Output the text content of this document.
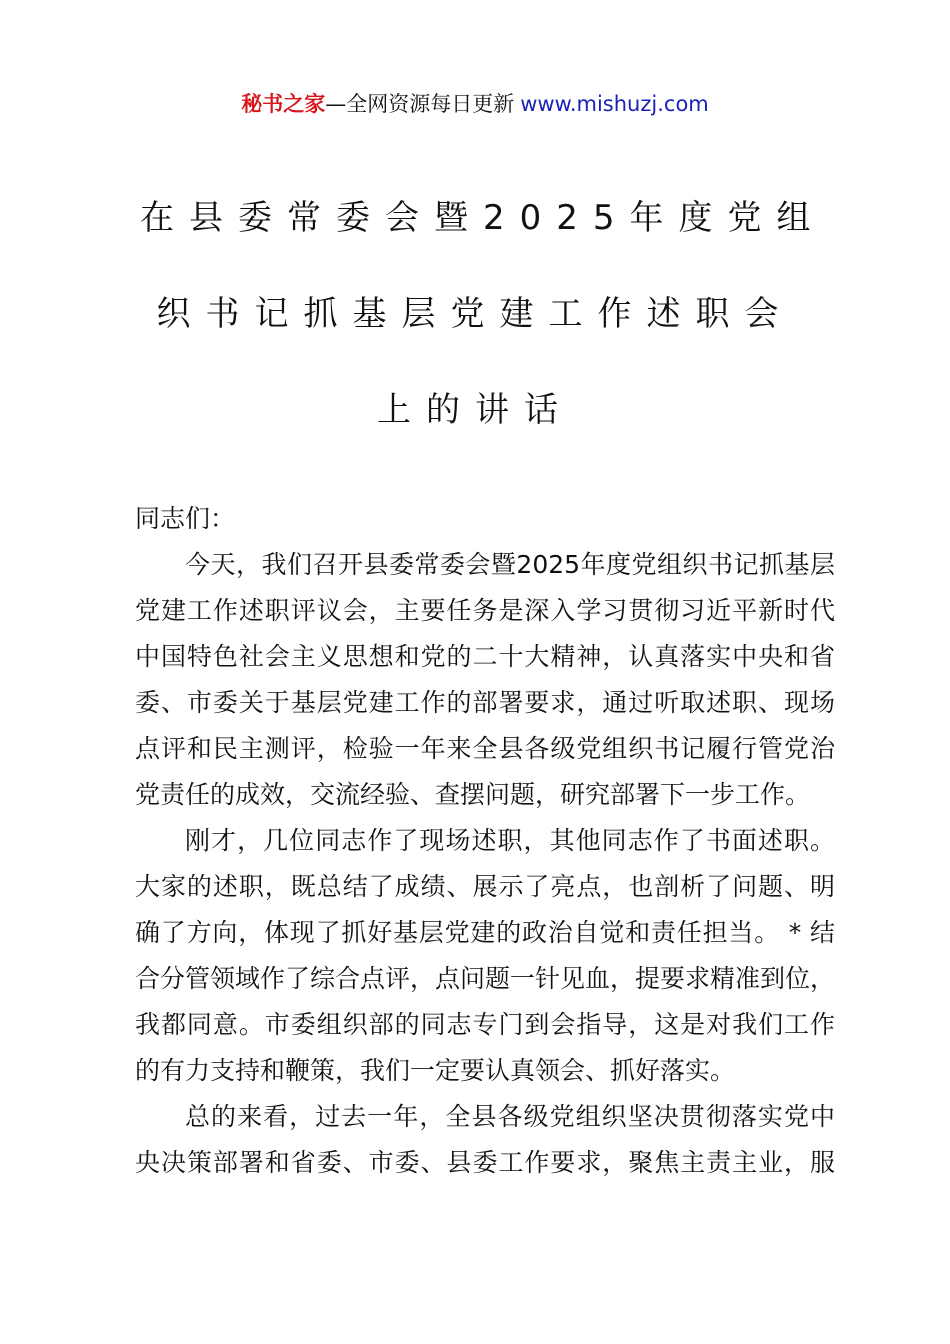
秘书之家—全网资源每日更新 www.mishuzj.com
在县委常委会暨2025年度党组
织书记抓基层党建工作述职会
上的讲话
同志们：
今天，我们召开县委常委会暨2025年度党组织书记抓基层
党建工作述职评议会，主要任务是深入学习贯彻习近平新时代
中国特色社会主义思想和党的二十大精神，认真落实中央和省
委、市委关于基层党建工作的部署要求，通过听取述职、现场
点评和民主测评，检验一年来全县各级党组织书记履行管党治
党责任的成效，交流经验、查摆问题，研究部署下一步工作。
刚才，几位同志作了现场述职，其他同志作了书面述职。
大家的述职，既总结了成绩、展示了亮点，也剖析了问题、明
确了方向，体现了抓好基层党建的政治自觉和责任担当。 * 结
合分管领域作了综合点评，点问题一针见血，提要求精准到位，
我都同意。市委组织部的同志专门到会指导，这是对我们工作
的有力支持和鞭策，我们一定要认真领会、抓好落实。
总的来看，过去一年，全县各级党组织坚决贯彻落实党中
央决策部署和省委、市委、县委工作要求，聚焦主责主业，服
